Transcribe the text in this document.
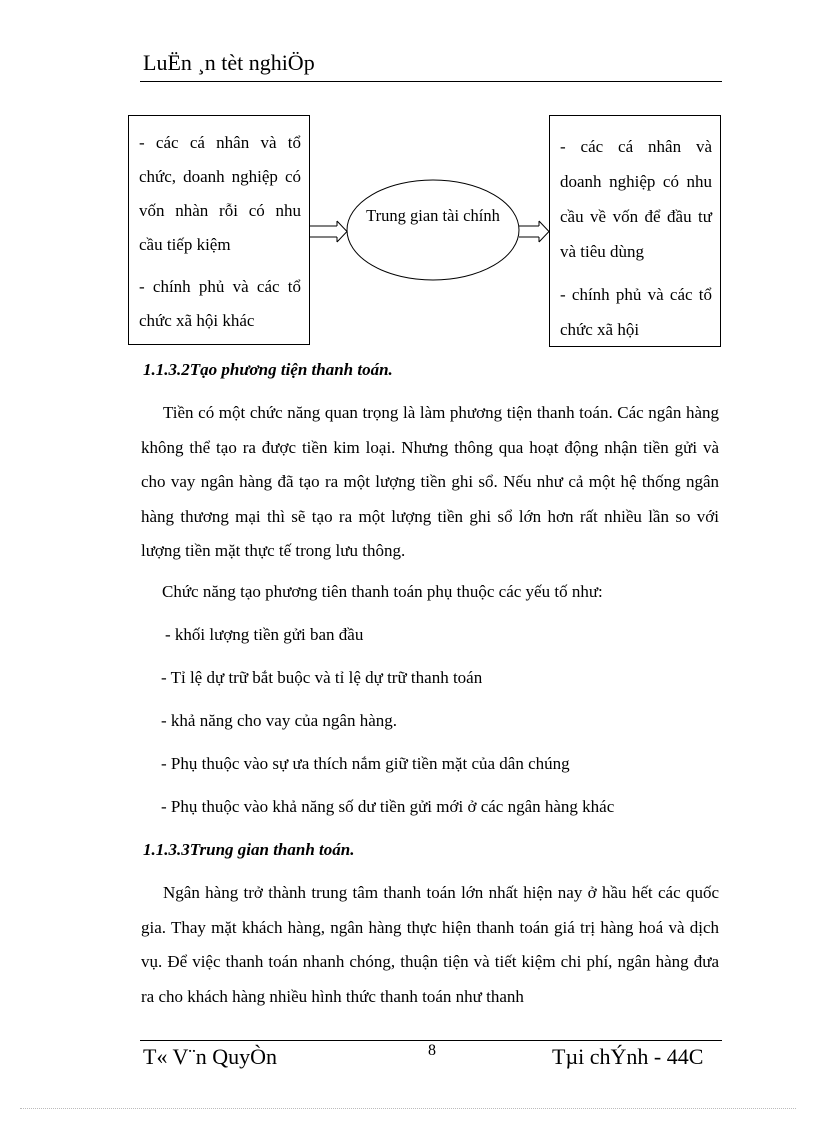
LuËn ¸n tèt nghiÖp
- các cá nhân và tổ chức, doanh nghiệp có vốn nhàn rỗi có nhu cầu tiếp kiệm
- chính phủ và các tổ chức xã hội khác
Trung gian tài chính
- các cá nhân và doanh nghiệp có nhu cầu về vốn để đầu tư và tiêu dùng
- chính phủ và các tổ chức xã hội
1.1.3.2Tạo phương tiện thanh toán.

Tiền có một chức năng quan trọng là làm phương tiện thanh toán. Các ngân hàng không thể tạo ra được tiền kim loại. Nhưng thông qua hoạt động nhận tiền gửi và cho vay ngân hàng đã tạo ra một lượng tiền ghi sổ. Nếu như cả một hệ thống ngân hàng thương mại thì sẽ tạo ra một lượng tiền ghi sổ lớn hơn rất nhiều lần so với lượng tiền mặt thực tế trong lưu thông.

Chức năng tạo phương tiên thanh toán phụ thuộc các yếu tố như:
- khối lượng tiền gửi ban đầu
- Tỉ lệ dự trữ bắt buộc và tỉ lệ dự trữ thanh toán
- khả năng cho vay của ngân hàng.
- Phụ thuộc vào sự ưa thích nắm giữ tiền mặt của dân chúng
- Phụ thuộc vào khả năng số dư tiền gửi mới ở các ngân hàng khác
1.1.3.3Trung gian thanh toán.

Ngân hàng trở thành trung tâm thanh toán lớn nhất hiện nay ở hầu hết các quốc gia. Thay mặt khách hàng, ngân hàng thực hiện thanh toán giá trị hàng hoá và dịch vụ. Để việc thanh toán nhanh chóng, thuận tiện và tiết kiệm chi phí, ngân hàng đưa ra cho khách hàng nhiều hình thức thanh toán như thanh

T« V¨n QuyÒn	8	Tµi chÝnh - 44C
